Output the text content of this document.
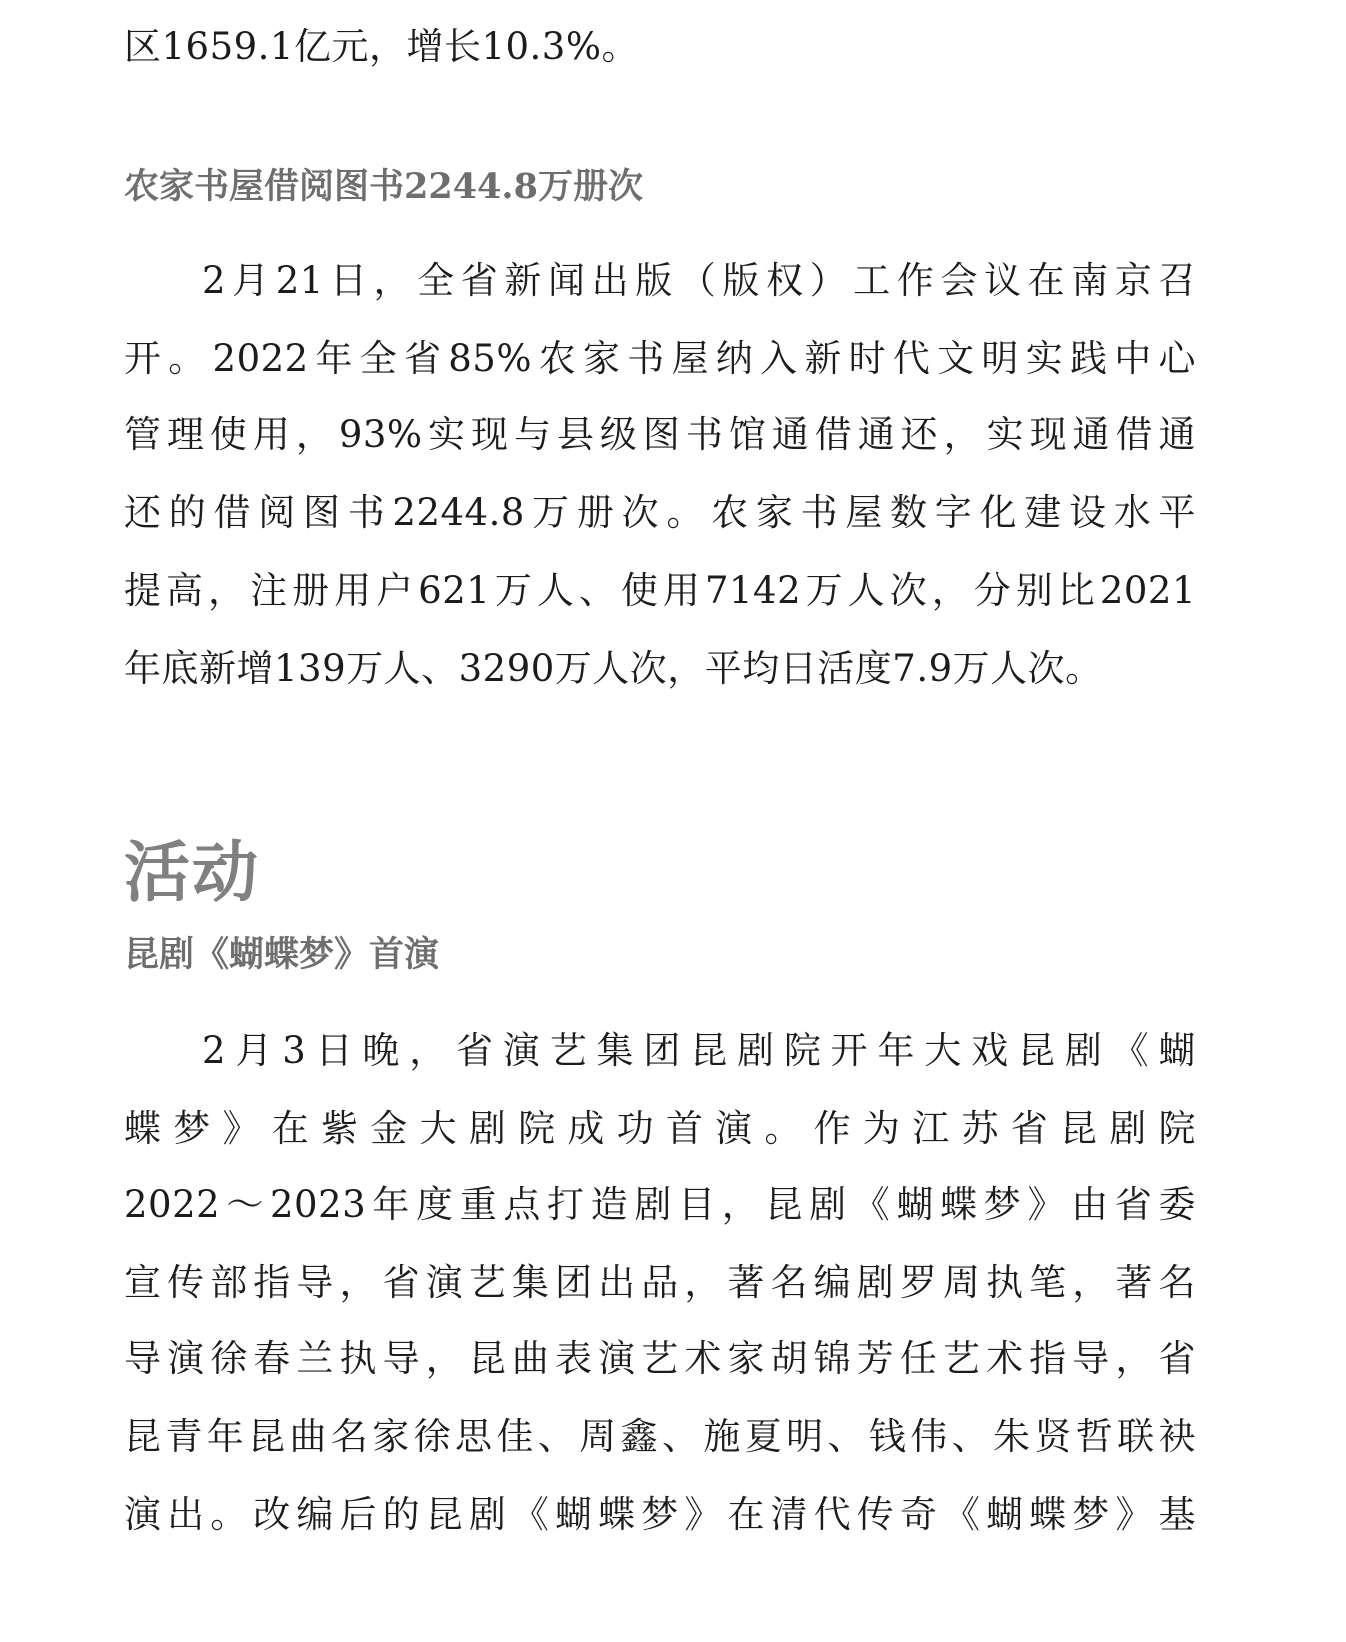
区1659.1亿元，增长10.3%。
农家书屋借阅图书2244.8万册次
2月21日，全省新闻出版（版权）工作会议在南京召
开。2022年全省85%农家书屋纳入新时代文明实践中心
管理使用，93%实现与县级图书馆通借通还，实现通借通
还的借阅图书2244.8万册次。农家书屋数字化建设水平
提高，注册用户621万人、使用7142万人次，分别比2021
年底新增139万人、3290万人次，平均日活度7.9万人次。
活动
昆剧《蝴蝶梦》首演
2月3日晚，省演艺集团昆剧院开年大戏昆剧《蝴
蝶梦》在紫金大剧院成功首演。作为江苏省昆剧院
2022～2023年度重点打造剧目，昆剧《蝴蝶梦》由省委
宣传部指导，省演艺集团出品，著名编剧罗周执笔，著名
导演徐春兰执导，昆曲表演艺术家胡锦芳任艺术指导，省
昆青年昆曲名家徐思佳、周鑫、施夏明、钱伟、朱贤哲联袂
演出。改编后的昆剧《蝴蝶梦》在清代传奇《蝴蝶梦》基
